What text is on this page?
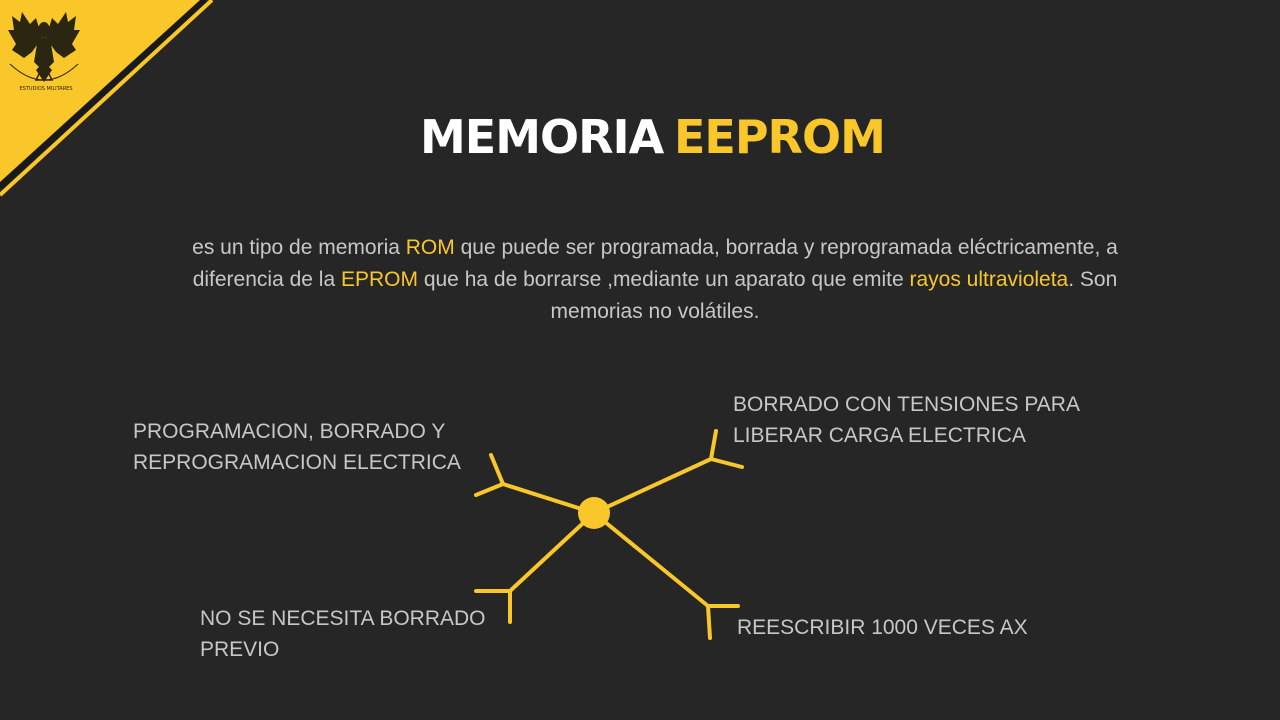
ESTUDIOS MILITARES
MEMORIA EEPROM
es un tipo de memoria ROM que puede ser programada, borrada y reprogramada eléctricamente, a diferencia de la EPROM que ha de borrarse ,mediante un aparato que emite rayos ultravioleta. Son memorias no volátiles.
PROGRAMACION, BORRADO Y
REPROGRAMACION ELECTRICA
BORRADO CON TENSIONES PARA
LIBERAR CARGA ELECTRICA
NO SE NECESITA BORRADO
PREVIO
REESCRIBIR 1000 VECES AX
